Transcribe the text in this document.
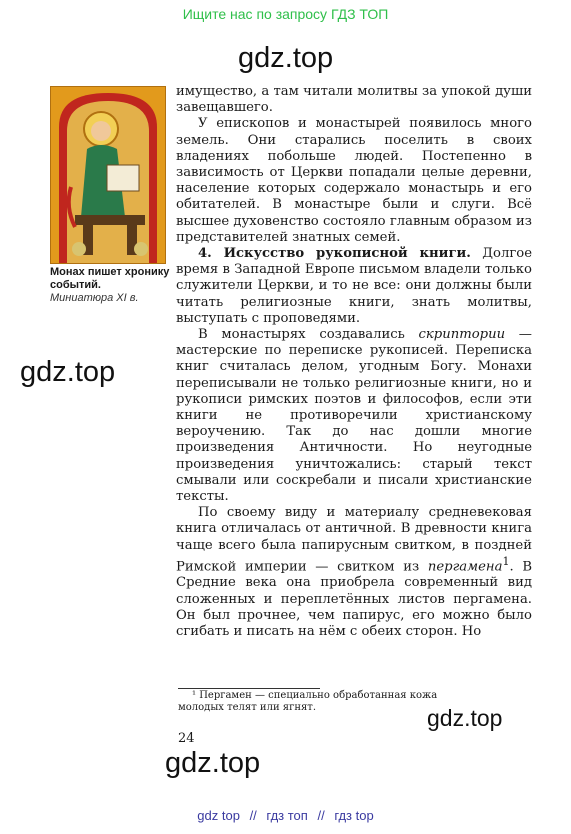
Ищите нас по запросу ГДЗ ТОП
gdz.top
gdz.top
gdz.top
gdz.top
Монах пишет хронику событий.
Миниатюра XI в.

имущество, а там читали молитвы за упокой души завещавшего.

У епископов и монастырей появилось много земель. Они старались поселить в своих владениях побольше людей. Постепенно в зависимость от Церкви попадали целые деревни, население которых содержало монастырь и его обитателей. В монастыре были и слуги. Всё высшее духовенство состояло главным образом из представителей знатных семей.

4. Искусство рукописной книги. Долгое время в Западной Европе письмом владели только служители Церкви, и то не все: они должны были читать религиозные книги, знать молитвы, выступать с проповедями.

В монастырях создавались скриптории — мастерские по переписке рукописей. Переписка книг считалась делом, угодным Богу. Монахи переписывали не только религиозные книги, но и рукописи римских поэтов и философов, если эти книги не противоречили христианскому вероучению. Так до нас дошли многие произведения Античности. Но неугодные произведения уничтожались: старый текст смывали или соскребали и писали христианские тексты.

По своему виду и материалу средневековая книга отличалась от античной. В древности книга чаще всего была папирусным свитком, в поздней Римской империи — свитком из пергамена$^1$. В Средние века она приобрела современный вид сложенных и переплетённых листов пергамена. Он был прочнее, чем папирус, его можно было сгибать и писать на нём с обеих сторон. Но

¹ Пергамен — специально обработанная кожа молодых телят или ягнят.
24
gdz top // гдз топ // гдз top
